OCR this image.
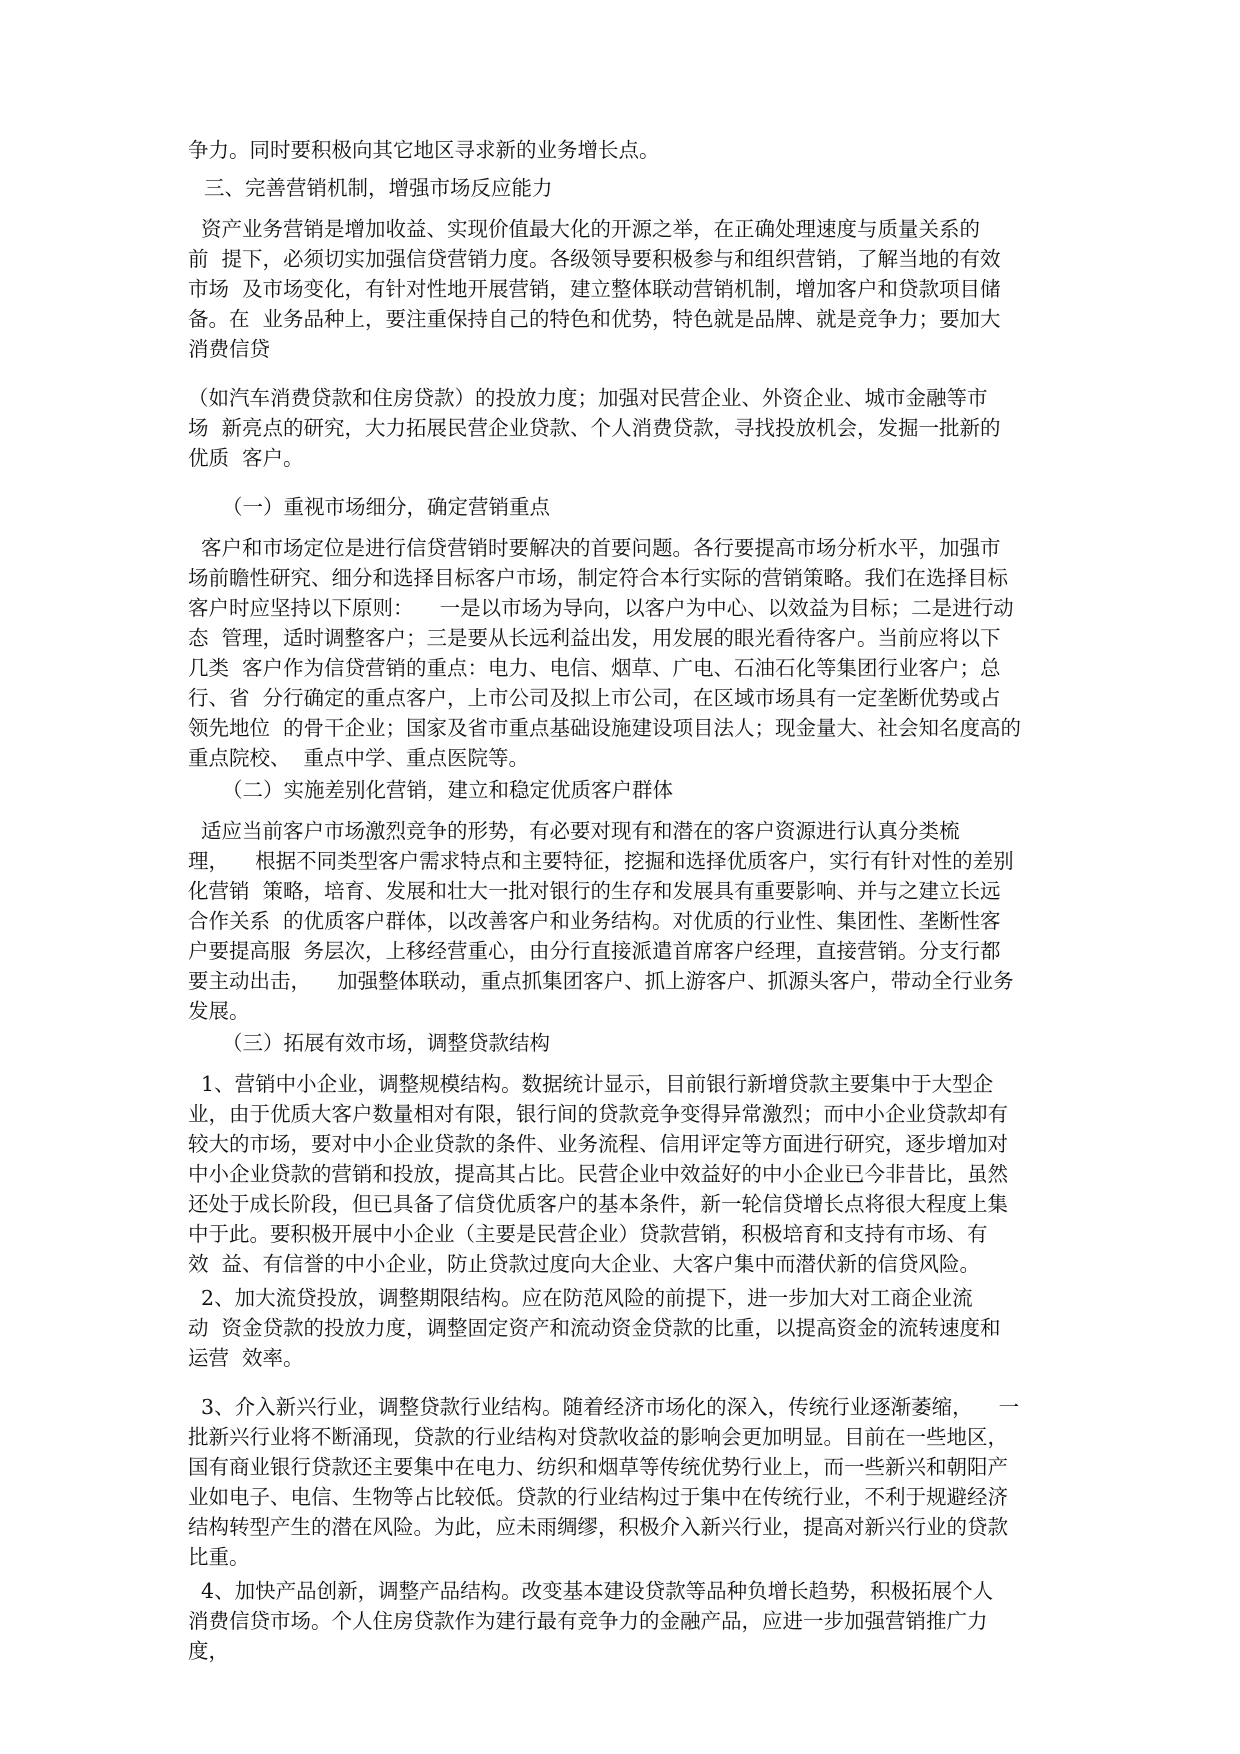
争力。同时要积极向其它地区寻求新的业务增长点。

三、完善营销机制，增强市场反应能力

资产业务营销是增加收益、实现价值最大化的开源之举，在正确处理速度与质量关系的

前  提下，必须切实加强信贷营销力度。各级领导要积极参与和组织营销，了解当地的有效

市场  及市场变化，有针对性地开展营销，建立整体联动营销机制，增加客户和贷款项目储

备。在  业务品种上，要注重保持自己的特色和优势，特色就是品牌、就是竞争力；要加大

消费信贷

（如汽车消费贷款和住房贷款）的投放力度；加强对民营企业、外资企业、城市金融等市

场  新亮点的研究，大力拓展民营企业贷款、个人消费贷款，寻找投放机会，发掘一批新的

优质  客户。

（一）重视市场细分，确定营销重点

客户和市场定位是进行信贷营销时要解决的首要问题。各行要提高市场分析水平，加强市

场前瞻性研究、细分和选择目标客户市场，制定符合本行实际的营销策略。我们在选择目标

客户时应坚持以下原则：    一是以市场为导向，以客户为中心、以效益为目标；二是进行动

态  管理，适时调整客户；三是要从长远利益出发，用发展的眼光看待客户。当前应将以下

几类  客户作为信贷营销的重点：电力、电信、烟草、广电、石油石化等集团行业客户；总

行、省  分行确定的重点客户，上市公司及拟上市公司，在区域市场具有一定垄断优势或占

领先地位  的骨干企业；国家及省市重点基础设施建设项目法人；现金量大、社会知名度高的

重点院校、  重点中学、重点医院等。

（二）实施差别化营销，建立和稳定优质客户群体

适应当前客户市场激烈竞争的形势，有必要对现有和潜在的客户资源进行认真分类梳

理，    根据不同类型客户需求特点和主要特征，挖掘和选择优质客户，实行有针对性的差别

化营销  策略，培育、发展和壮大一批对银行的生存和发展具有重要影响、并与之建立长远

合作关系  的优质客户群体，以改善客户和业务结构。对优质的行业性、集团性、垄断性客

户要提高服  务层次，上移经营重心，由分行直接派遣首席客户经理，直接营销。分支行都

要主动出击，    加强整体联动，重点抓集团客户、抓上游客户、抓源头客户，带动全行业务

发展。

（三）拓展有效市场，调整贷款结构

1、营销中小企业，调整规模结构。数据统计显示，目前银行新增贷款主要集中于大型企

业，由于优质大客户数量相对有限，银行间的贷款竞争变得异常激烈；而中小企业贷款却有

较大的市场，要对中小企业贷款的条件、业务流程、信用评定等方面进行研究，逐步增加对

中小企业贷款的营销和投放，提高其占比。民营企业中效益好的中小企业已今非昔比，虽然

还处于成长阶段，但已具备了信贷优质客户的基本条件，新一轮信贷增长点将很大程度上集

中于此。要积极开展中小企业（主要是民营企业）贷款营销，积极培育和支持有市场、有

效  益、有信誉的中小企业，防止贷款过度向大企业、大客户集中而潜伏新的信贷风险。

2、加大流贷投放，调整期限结构。应在防范风险的前提下，进一步加大对工商企业流

动  资金贷款的投放力度，调整固定资产和流动资金贷款的比重，以提高资金的流转速度和

运营  效率。

3、介入新兴行业，调整贷款行业结构。随着经济市场化的深入，传统行业逐渐萎缩，    一

批新兴行业将不断涌现，贷款的行业结构对贷款收益的影响会更加明显。目前在一些地区，

国有商业银行贷款还主要集中在电力、纺织和烟草等传统优势行业上，而一些新兴和朝阳产

业如电子、电信、生物等占比较低。贷款的行业结构过于集中在传统行业，不利于规避经济

结构转型产生的潜在风险。为此，应未雨绸缪，积极介入新兴行业，提高对新兴行业的贷款

比重。

4、加快产品创新，调整产品结构。改变基本建设贷款等品种负增长趋势，积极拓展个人

消费信贷市场。个人住房贷款作为建行最有竞争力的金融产品，应进一步加强营销推广力

度，
